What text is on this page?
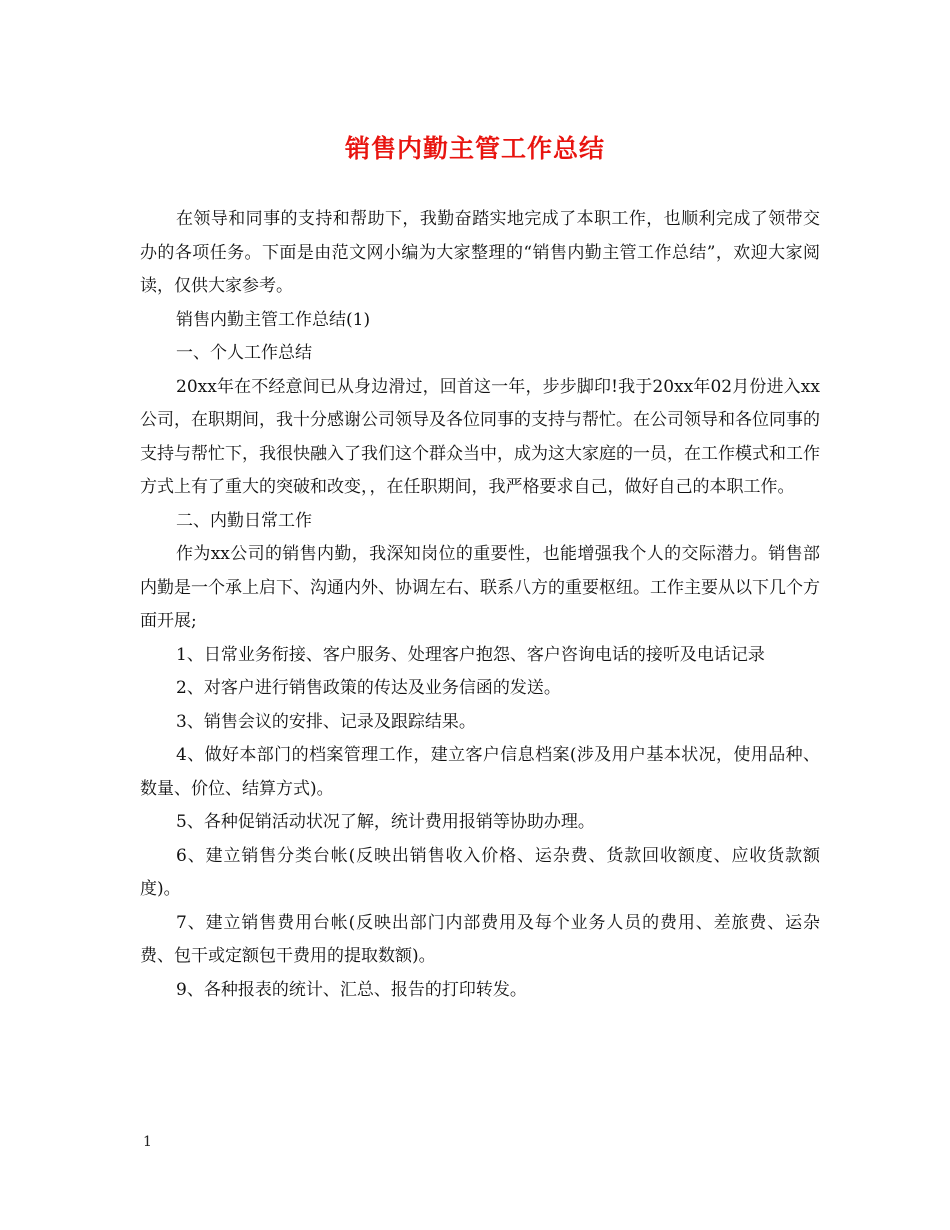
销售内勤主管工作总结

在领导和同事的支持和帮助下，我勤奋踏实地完成了本职工作，也顺利完成了领带交办的各项任务。下面是由范文网小编为大家整理的“销售内勤主管工作总结”，欢迎大家阅读，仅供大家参考。

销售内勤主管工作总结(1)

一、个人工作总结

20xx年在不经意间已从身边滑过，回首这一年，步步脚印!我于20xx年02月份进入xx公司，在职期间，我十分感谢公司领导及各位同事的支持与帮忙。在公司领导和各位同事的支持与帮忙下，我很快融入了我们这个群众当中，成为这大家庭的一员，在工作模式和工作方式上有了重大的突破和改变，，在任职期间，我严格要求自己，做好自己的本职工作。

二、内勤日常工作

作为xx公司的销售内勤，我深知岗位的重要性，也能增强我个人的交际潜力。销售部内勤是一个承上启下、沟通内外、协调左右、联系八方的重要枢纽。工作主要从以下几个方面开展;

1、日常业务衔接、客户服务、处理客户抱怨、客户咨询电话的接听及电话记录

2、对客户进行销售政策的传达及业务信函的发送。

3、销售会议的安排、记录及跟踪结果。

4、做好本部门的档案管理工作，建立客户信息档案(涉及用户基本状况，使用品种、数量、价位、结算方式)。

5、各种促销活动状况了解，统计费用报销等协助办理。

6、建立销售分类台帐(反映出销售收入价格、运杂费、货款回收额度、应收货款额度)。

7、建立销售费用台帐(反映出部门内部费用及每个业务人员的费用、差旅费、运杂费、包干或定额包干费用的提取数额)。

9、各种报表的统计、汇总、报告的打印转发。

1
